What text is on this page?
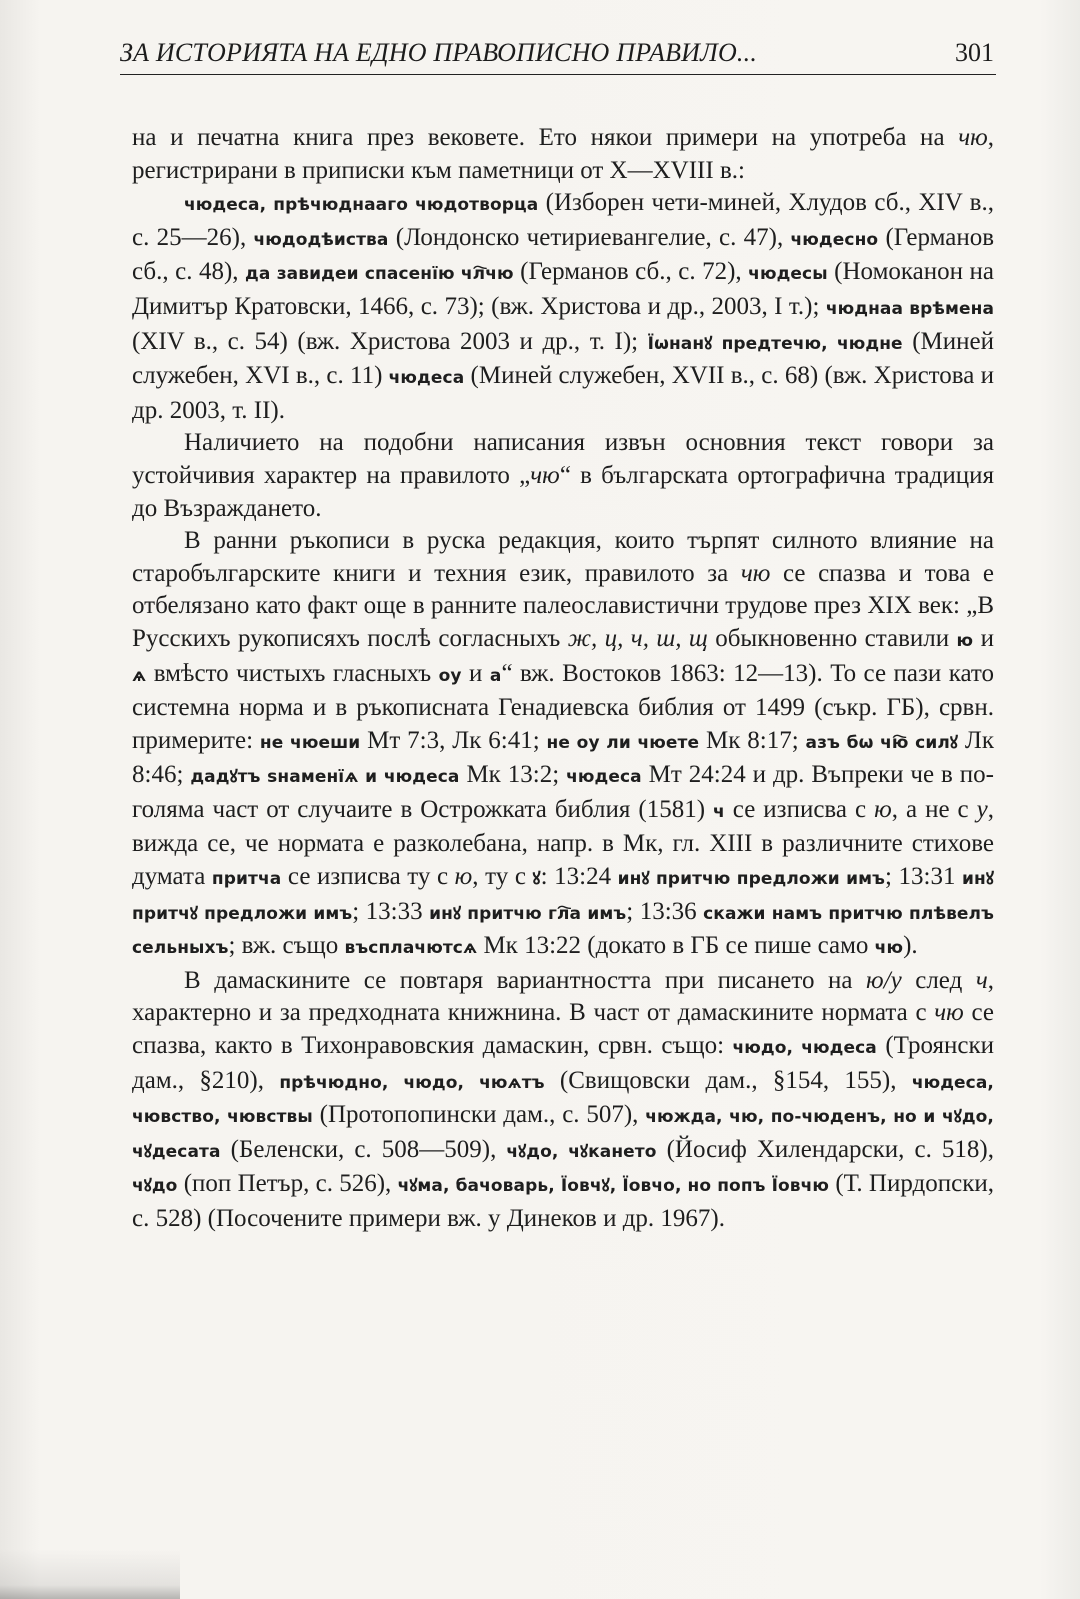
ЗА ИСТОРИЯТА НА ЕДНО ПРАВОПИСНО ПРАВИЛО...	301

на и печатна книга през вековете. Ето някои примери на употреба на чю, регистрирани в приписки към паметници от X—XVIII в.:

чюдеса, прѣчюднааго чюдотворца (Изборен чети-миней, Хлудов сб., XIV в., с. 25—26), чюдодѣиства (Лондонско четириевангелие, с. 47), чюдесно (Германов сб., с. 48), да завидеи спасенїю чл҇чю (Германов сб., с. 72), чюдесы (Номоканон на Димитър Кратовски, 1466, с. 73); (вж. Христова и др., 2003, I т.); чюднаа врѣмена (XIV в., с. 54) (вж. Христова 2003 и др., т. I); Їωнанꙋ предтечю, чюдне (Миней служебен, XVI в., с. 11) чюдеса (Миней служебен, XVII в., с. 68) (вж. Христова и др. 2003, т. II).

Наличието на подобни написания извън основния текст говори за устойчивия характер на правилото „чю“ в българската ортографична традиция до Възраждането.

В ранни ръкописи в руска редакция, които търпят силното влияние на старобългарските книги и техния език, правилото за чю се спазва и това е отбелязано като факт още в ранните палеославистични трудове през XIX век: „В Русскихъ рукописяхъ послѣ согласныхъ ж, ц, ч, ш, щ обыкновенно ставили ю и ѧ вмѣсто чистыхъ гласныхъ оу и а“ вж. Востоков 1863: 12—13). То се пази като системна норма и в ръкописната Генадиевска библия от 1499 (съкр. ГБ), срвн. примерите: не чюеши Мт 7:3, Лк 6:41; не оу ли чюете Мк 8:17; азъ бω чю҇ силꙋ Лк 8:46; дадꙋтъ ѕнаменїѧ и чюдеса Мк 13:2; чюдеса Мт 24:24 и др. Въпреки че в по-голяма част от случаите в Острожката библия (1581) ч се изписва с ю, а не с у, вижда се, че нормата е разколебана, напр. в Мк, гл. XIII в различните стихове думата притча се изписва ту с ю, ту с ꙋ: 13:24 инꙋ притчю предложи имъ; 13:31 инꙋ притчꙋ предложи имъ; 13:33 инꙋ притчю гл҇а имъ; 13:36 скажи намъ притчю плѣвелъ сельныхъ; вж. също въсплачютсѧ Мк 13:22 (докато в ГБ се пише само чю).

В дамаскините се повтаря вариантността при писането на ю/у след ч, характерно и за предходната книжнина. В част от дамаскините нормата с чю се спазва, както в Тихонравовския дамаскин, срвн. също: чюдо, чюдеса (Троянски дам., §210), прѣчюдно, чюдо, чюѧтъ (Свищовски дам., §154, 155), чюдеса, чювство, чювствы (Протопопински дам., с. 507), чюжда, чю, по-чюденъ, но и чꙋдо, чꙋдесата (Беленски, с. 508—509), чꙋдо, чꙋкането (Йосиф Хилендарски, с. 518), чꙋдо (поп Петър, с. 526), чꙋма, бачоварь, Їовчꙋ, Їовчо, но попъ Їовчю (Т. Пирдопски, с. 528) (Посочените примери вж. у Динеков и др. 1967).
